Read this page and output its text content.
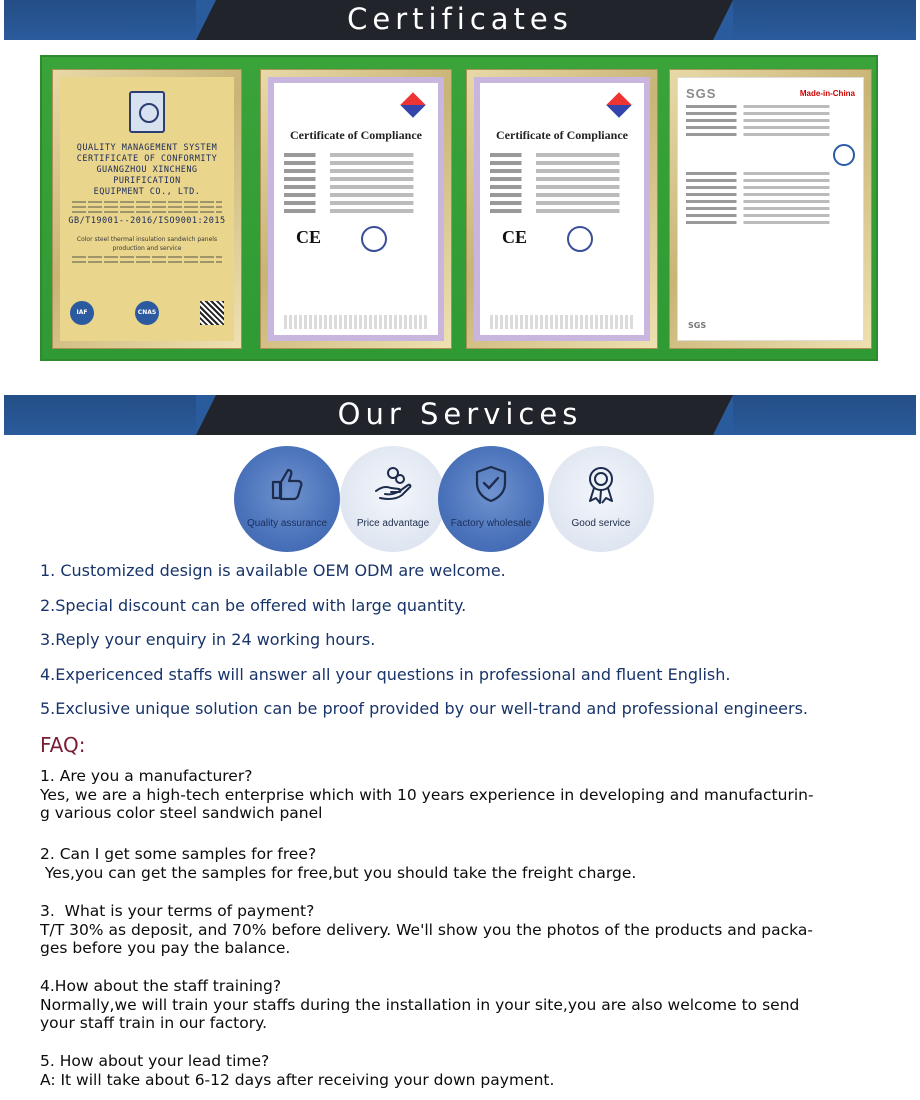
Certificates
QUALITY MANAGEMENT SYSTEM
CERTIFICATE OF CONFORMITY
GUANGZHOU XINCHENG PURIFICATION
EQUIPMENT CO., LTD.
GB/T19001--2016/ISO9001:2015
Color steel thermal insulation sandwich panels production and service
IAF	CNAS
Certificate of Compliance
CE
Certificate of Compliance
CE
SGS	Made-in-China
SGS
Our Services
Quality assurance	Price advantage	Factory wholesale	Good service
1. Customized design is available OEM ODM are welcome.
2.Special discount can be offered with large quantity.
3.Reply your enquiry in 24 working hours.
4.Expericenced staffs will answer all your questions in professional and fluent English.
5.Exclusive unique solution can be proof provided by our well-trand and professional engineers.
FAQ:
1. Are you a manufacturer?
Yes, we are a high-tech enterprise which with 10 years experience in developing and manufacturin-
g various color steel sandwich panel
2. Can I get some samples for free?
Yes,you can get the samples for free,but you should take the freight charge.
3.  What is your terms of payment?
T/T 30% as deposit, and 70% before delivery. We'll show you the photos of the products and packa-
ges before you pay the balance.
4.How about the staff training?
Normally,we will train your staffs during the installation in your site,you are also welcome to send
your staff train in our factory.
5. How about your lead time?
A: It will take about 6-12 days after receiving your down payment.
